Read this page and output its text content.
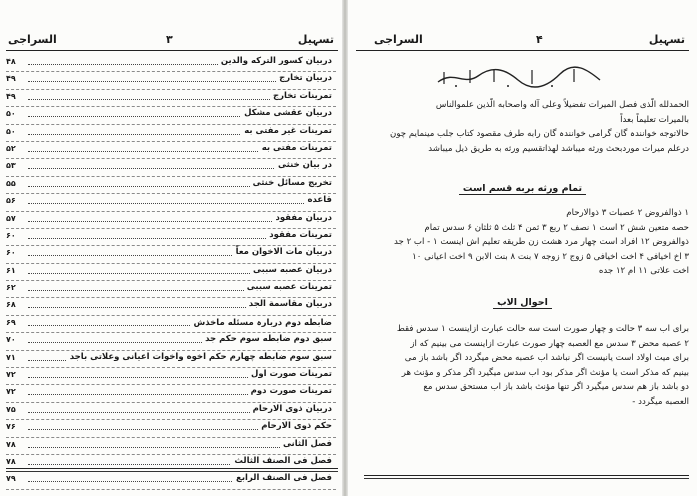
السراجی	۳	تسہیل
۴۸	دربیان کسور الترکه والدین
۴۹	دربیان تخارج
۴۹	تمرینات تخارج
۵۰	دربیان عقشی مشکل
۵۰	تمرینات غیر مفتی به
۵۲	تمرینات مفتی به
۵۳	در بیان خنثی
۵۵	تخریج مسائل خنثی
۵۶	قاعده
۵۷	دربیان مفقود
۶۰	تمرینات مفقود
۶۰	دربیان مات الاخوان معاً
۶۱	دربیان عصبه سببی
۶۲	تمرینات عصبه سببی
۶۸	دربیان مقاسمة الجد
۶۹	ضابطه دوم دربارہ مسئله ماخذش
۷۰	سبق دوم ضابطه سوم حکم جد
۷۱	سبق سوم ضابطه چهارم حکم اخوه واخوات اعیانی وعلاتی باجد
۷۲	تمرینات صورت اول
۷۲	تمرینات صورت دوم
۷۵	دربیان ذوی الارحام
۷۶	حکم ذوی الارحام
۷۸	فصل الثانی
۷۸	فصل فی الصنف الثالث
۷۹	فصل فی الصنف الرابع
السراجی	۴	تسہیل
الحمدلله الّذی فصل المیرات تفضیلاً وعلی آله واصحابه الّذین علموالناس
بالمیرات تعلیماً بعداً
حالاتوجه خوانندہ گان گرامی خوانندہ گان رابه طرف مقصود کتاب جلب مینمایم چون
درعلم میرات موردبحث ورثه میباشد لهذاتقسیم ورثه به طریق ذیل میباشد
تمام ورثه بربه قسم است
۱ ذوالفروض ۲ عصبات ۳ ذوالارحام
حصه متعین شش ۲ است ۱ نصف ۲ ربع ۳ ثمن ۴ ثلث ۵ ثلثان ۶ سدس تمام
ذوالفروض ۱۲ افراد است چهار مرد هشت زن طریقه تعلیم اش اینست ۱ - اب ۲ جد
۳ اخ اخیافی ۴ اخت اخیافی ۵ زوج ۲ زوجه ۷ بنت ۸ بنت الابن ۹ اخت اعیانی ۱۰
اخت علاتی ۱۱ ام ۱۲ جده
احوال الاب
برای اب سه ۳ حالت و چهار صورت است سه حالت عبارت ازاینست ۱ سدس فقط
۲ عصبه محض ۳ سدس مع العصبه چهار صورت عبارت ازاینست می بینیم که از
برای میت اولاد است یانیست اگر نباشد اب عصبه محض میگردد اگر باشد باز می
بینیم که مذکر است یا مؤنث اگر مذکر بود اب سدس میگیرد اگر مذکر و مؤنث هر
دو باشد باز هم سدس میگیرد اگر تنها مؤنث باشد باز اب مستحق سدس مع
العصبه میگردد -
